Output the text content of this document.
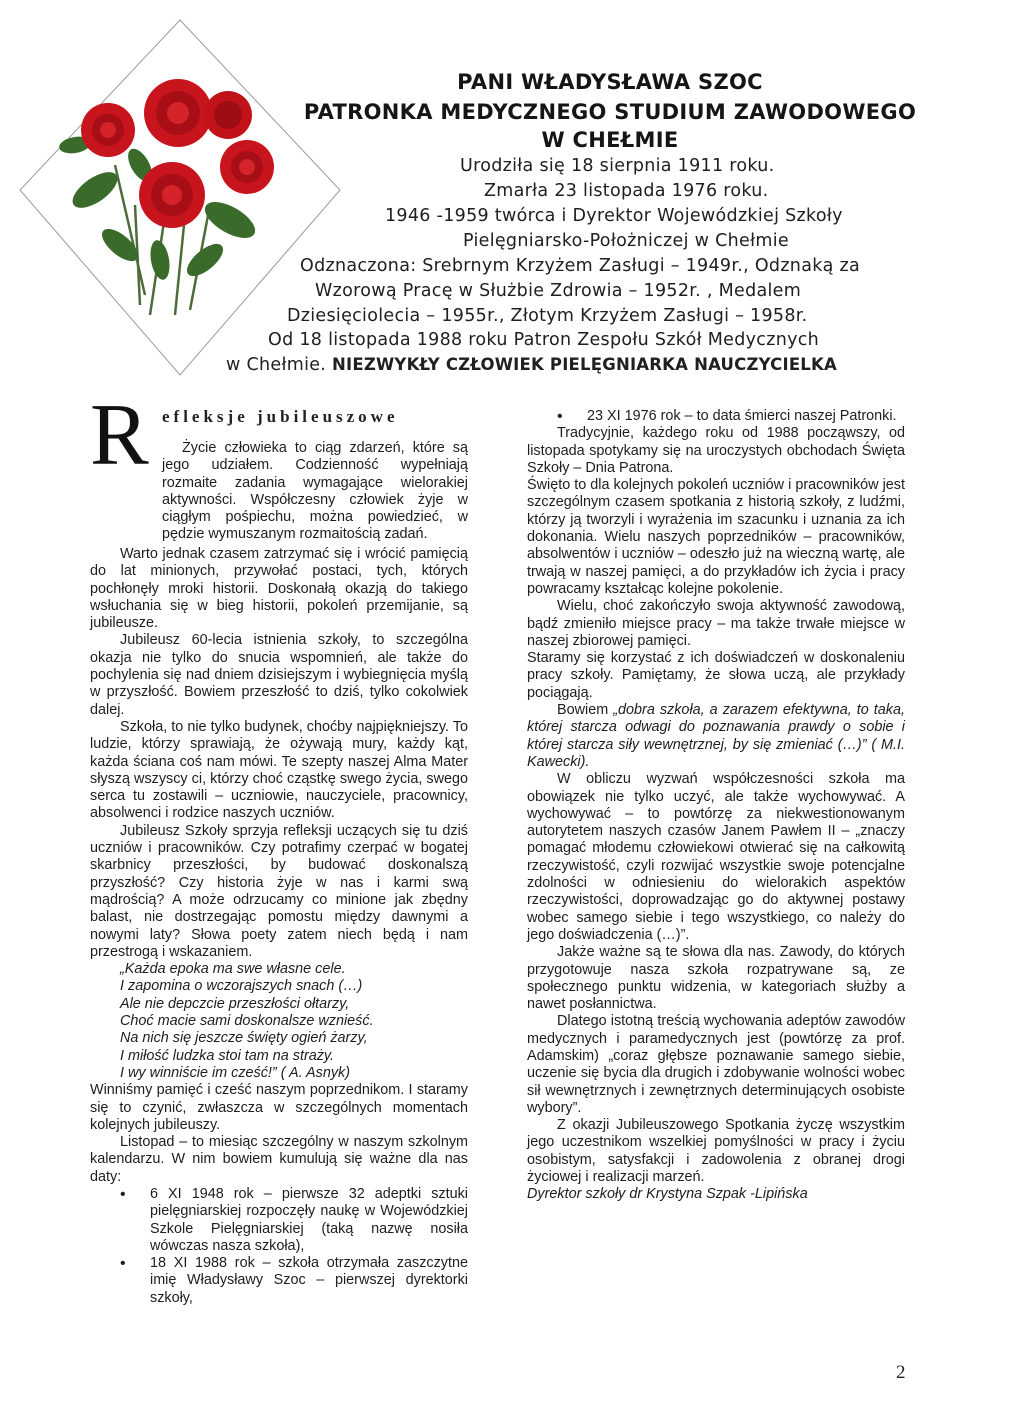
PANI WŁADYSŁAWA SZOC
PATRONKA MEDYCZNEGO STUDIUM ZAWODOWEGO
W CHEŁMIE
Urodziła się 18 sierpnia 1911 roku.
Zmarła 23 listopada 1976 roku.
1946 -1959 twórca i Dyrektor Wojewódzkiej Szkoły
Pielęgniarsko-Położniczej w Chełmie
Odznaczona: Srebrnym Krzyżem Zasługi – 1949r., Odznaką za
Wzorową Pracę w Służbie Zdrowia – 1952r. , Medalem
Dziesięciolecia – 1955r., Złotym Krzyżem Zasługi – 1958r.
Od 18 listopada 1988 roku Patron Zespołu Szkół Medycznych
w Chełmie. NIEZWYKŁY CZŁOWIEK PIELĘGNIARKA NAUCZYCIELKA
R efleksje jubileuszowe

Życie człowieka to ciąg zdarzeń, które są jego udziałem. Codzienność wypełniają rozmaite zadania wymagające wielorakiej aktywności. Współczesny człowiek żyje w ciągłym pośpiechu, można powiedzieć, w pędzie wymuszanym rozmaitością zadań.

Warto jednak czasem zatrzymać się i wrócić pamięcią do lat minionych, przywołać postaci, tych, których pochłonęły mroki historii. Doskonałą okazją do takiego wsłuchania się w bieg historii, pokoleń przemijanie, są jubileusze.

Jubileusz 60-lecia istnienia szkoły, to szczególna okazja nie tylko do snucia wspomnień, ale także do pochylenia się nad dniem dzisiejszym i wybiegnięcia myślą w przyszłość. Bowiem przeszłość to dziś, tylko cokolwiek dalej.

Szkoła, to nie tylko budynek, choćby najpiękniejszy. To ludzie, którzy sprawiają, że ożywają mury, każdy kąt, każda ściana coś nam mówi. Te szepty naszej Alma Mater słyszą wszyscy ci, którzy choć cząstkę swego życia, swego serca tu zostawili – uczniowie, nauczyciele, pracownicy, absolwenci i rodzice naszych uczniów.

Jubileusz Szkoły sprzyja refleksji uczących się tu dziś uczniów i pracowników. Czy potrafimy czerpać w bogatej skarbnicy przeszłości, by budować doskonalszą przyszłość? Czy historia żyje w nas i karmi swą mądrością? A może odrzucamy co minione jak zbędny balast, nie dostrzegając pomostu między dawnymi a nowymi laty? Słowa poety zatem niech będą i nam przestrogą i wskazaniem.

„Każda epoka ma swe własne cele.

I zapomina o wczorajszych snach (…)

Ale nie depczcie przeszłości ołtarzy,

Choć macie sami doskonalsze wznieść.

Na nich się jeszcze święty ogień żarzy,

I miłość ludzka stoi tam na straży.

I wy winniście im cześć!” ( A. Asnyk)

Winniśmy pamięć i cześć naszym poprzednikom. I staramy się to czynić, zwłaszcza w szczególnych momentach kolejnych jubileuszy.

Listopad – to miesiąc szczególny w naszym szkolnym kalendarzu. W nim bowiem kumulują się ważne dla nas daty:

• 6 XI 1948 rok – pierwsze 32 adeptki sztuki pielęgniarskiej rozpoczęły naukę w Wojewódzkiej Szkole Pielęgniarskiej (taką nazwę nosiła wówczas nasza szkoła),
• 18 XI 1988 rok – szkoła otrzymała zaszczytne imię Władysławy Szoc – pierwszej dyrektorki szkoły,
• 23 XI 1976 rok – to data śmierci naszej Patronki.

Tradycyjnie, każdego roku od 1988 począwszy, od listopada spotykamy się na uroczystych obchodach Święta Szkoły – Dnia Patrona.

Święto to dla kolejnych pokoleń uczniów i pracowników jest szczególnym czasem spotkania z historią szkoły, z ludźmi, którzy ją tworzyli i wyrażenia im szacunku i uznania za ich dokonania. Wielu naszych poprzedników – pracowników, absolwentów i uczniów – odeszło już na wieczną wartę, ale trwają w naszej pamięci, a do przykładów ich życia i pracy powracamy kształcąc kolejne pokolenie.

Wielu, choć zakończyło swoja aktywność zawodową, bądź zmieniło miejsce pracy – ma także trwałe miejsce w naszej zbiorowej pamięci.

Staramy się korzystać z ich doświadczeń w doskonaleniu pracy szkoły. Pamiętamy, że słowa uczą, ale przykłady pociągają.

Bowiem „dobra szkoła, a zarazem efektywna, to taka, której starcza odwagi do poznawania prawdy o sobie i której starcza siły wewnętrznej, by się zmieniać (…)” ( M.I. Kawecki).

W obliczu wyzwań współczesności szkoła ma obowiązek nie tylko uczyć, ale także wychowywać. A wychowywać – to powtórzę za niekwestionowanym autorytetem naszych czasów Janem Pawłem II – „znaczy pomagać młodemu człowiekowi otwierać się na całkowitą rzeczywistość, czyli rozwijać wszystkie swoje potencjalne zdolności w odniesieniu do wielorakich aspektów rzeczywistości, doprowadzając go do aktywnej postawy wobec samego siebie i tego wszystkiego, co należy do jego doświadczenia (…)”.

Jakże ważne są te słowa dla nas. Zawody, do których przygotowuje nasza szkoła rozpatrywane są, ze społecznego punktu widzenia, w kategoriach służby a nawet posłannictwa.

Dlatego istotną treścią wychowania adeptów zawodów medycznych i paramedycznych jest (powtórzę za prof. Adamskim) „coraz głębsze poznawanie samego siebie, uczenie się bycia dla drugich i zdobywanie wolności wobec sił wewnętrznych i zewnętrznych determinujących osobiste wybory”.

Z okazji Jubileuszowego Spotkania życzę wszystkim jego uczestnikom wszelkiej pomyślności w pracy i życiu osobistym, satysfakcji i zadowolenia z obranej drogi życiowej i realizacji marzeń.

Dyrektor szkoły dr Krystyna Szpak -Lipińska

2
